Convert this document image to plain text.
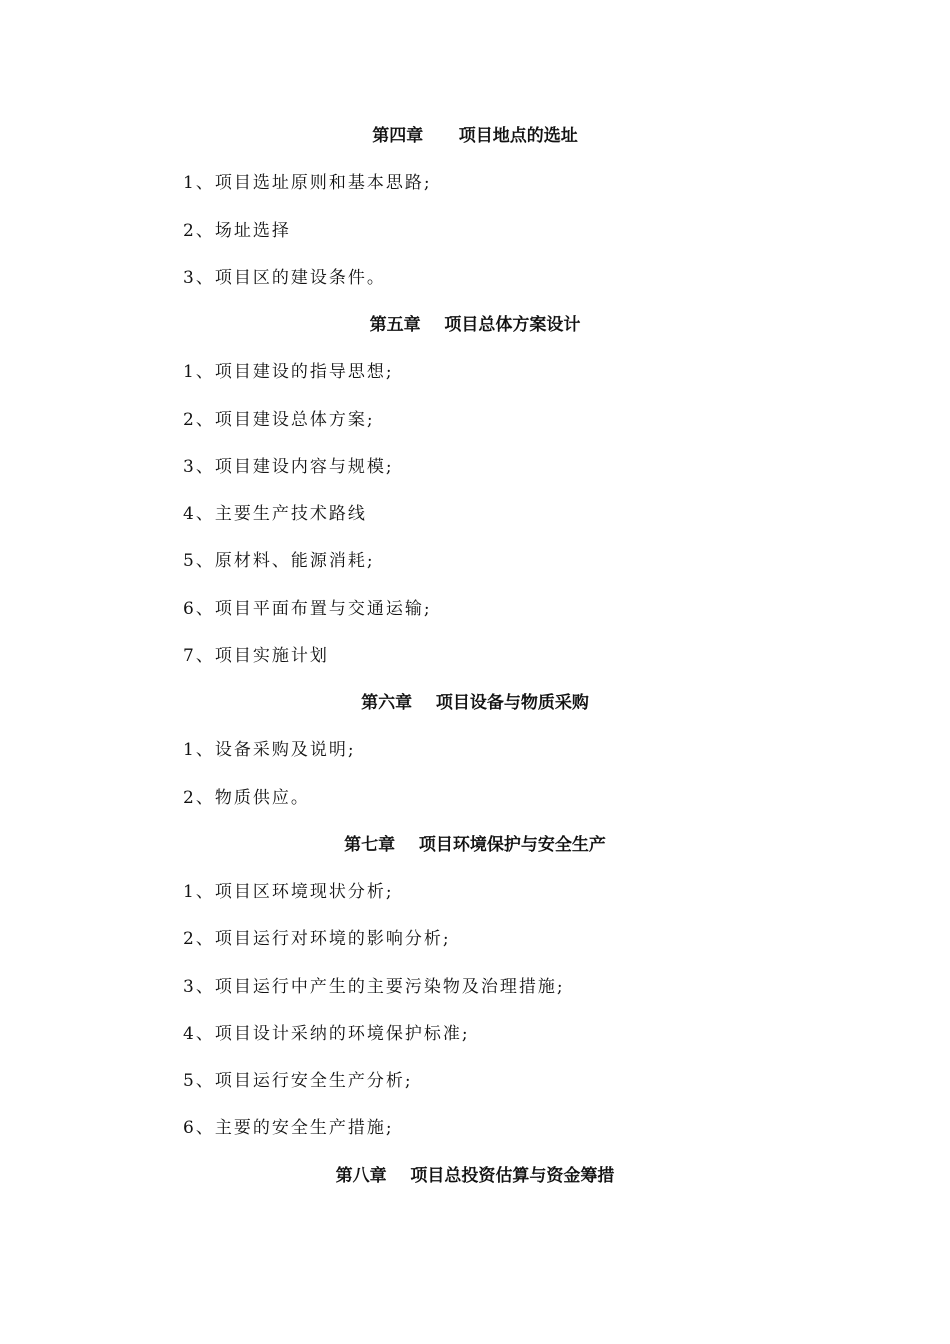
第四章      项目地点的选址
1、项目选址原则和基本思路;
2、场址选择
3、项目区的建设条件。
第五章    项目总体方案设计
1、项目建设的指导思想;
2、项目建设总体方案;
3、项目建设内容与规模;
4、主要生产技术路线
5、原材料、能源消耗;
6、项目平面布置与交通运输;
7、项目实施计划
第六章    项目设备与物质采购
1、设备采购及说明;
2、物质供应。
第七章    项目环境保护与安全生产
1、项目区环境现状分析;
2、项目运行对环境的影响分析;
3、项目运行中产生的主要污染物及治理措施;
4、项目设计采纳的环境保护标准;
5、项目运行安全生产分析;
6、主要的安全生产措施;
第八章    项目总投资估算与资金筹措
